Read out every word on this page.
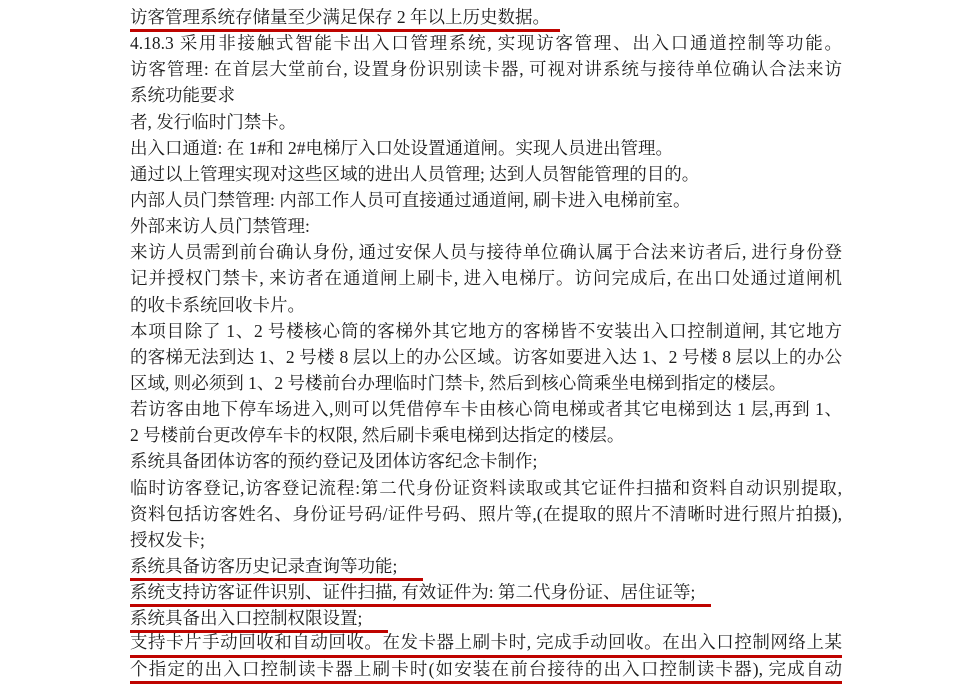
访客管理系统存储量至少满足保存 2 年以上历史数据。
4.18.3 采用非接触式智能卡出入口管理系统, 实现访客管理、出入口通道控制等功能。
访客管理: 在首层大堂前台, 设置身份识别读卡器, 可视对讲系统与接待单位确认合法来访
系统功能要求
者, 发行临时门禁卡。
出入口通道: 在 1#和 2#电梯厅入口处设置通道闸。实现人员进出管理。
通过以上管理实现对这些区域的进出人员管理; 达到人员智能管理的目的。
内部人员门禁管理: 内部工作人员可直接通过通道闸, 刷卡进入电梯前室。
外部来访人员门禁管理:
来访人员需到前台确认身份, 通过安保人员与接待单位确认属于合法来访者后, 进行身份登
记并授权门禁卡, 来访者在通道闸上刷卡, 进入电梯厅。访问完成后, 在出口处通过道闸机
的收卡系统回收卡片。
本项目除了 1、2 号楼核心筒的客梯外其它地方的客梯皆不安装出入口控制道闸, 其它地方
的客梯无法到达 1、2 号楼 8 层以上的办公区域。访客如要进入达 1、2 号楼 8 层以上的办公
区域, 则必须到 1、2 号楼前台办理临时门禁卡, 然后到核心筒乘坐电梯到指定的楼层。
若访客由地下停车场进入,则可以凭借停车卡由核心筒电梯或者其它电梯到达 1 层,再到 1、
2 号楼前台更改停车卡的权限, 然后刷卡乘电梯到达指定的楼层。
系统具备团体访客的预约登记及团体访客纪念卡制作;
临时访客登记,访客登记流程:第二代身份证资料读取或其它证件扫描和资料自动识别提取,
资料包括访客姓名、身份证号码/证件号码、照片等,(在提取的照片不清晰时进行照片拍摄),
授权发卡;
系统具备访客历史记录查询等功能;
系统支持访客证件识别、证件扫描, 有效证件为: 第二代身份证、居住证等;
系统具备出入口控制权限设置;
支持卡片手动回收和自动回收。在发卡器上刷卡时, 完成手动回收。在出入口控制网络上某
个指定的出入口控制读卡器上刷卡时(如安装在前台接待的出入口控制读卡器), 完成自动
